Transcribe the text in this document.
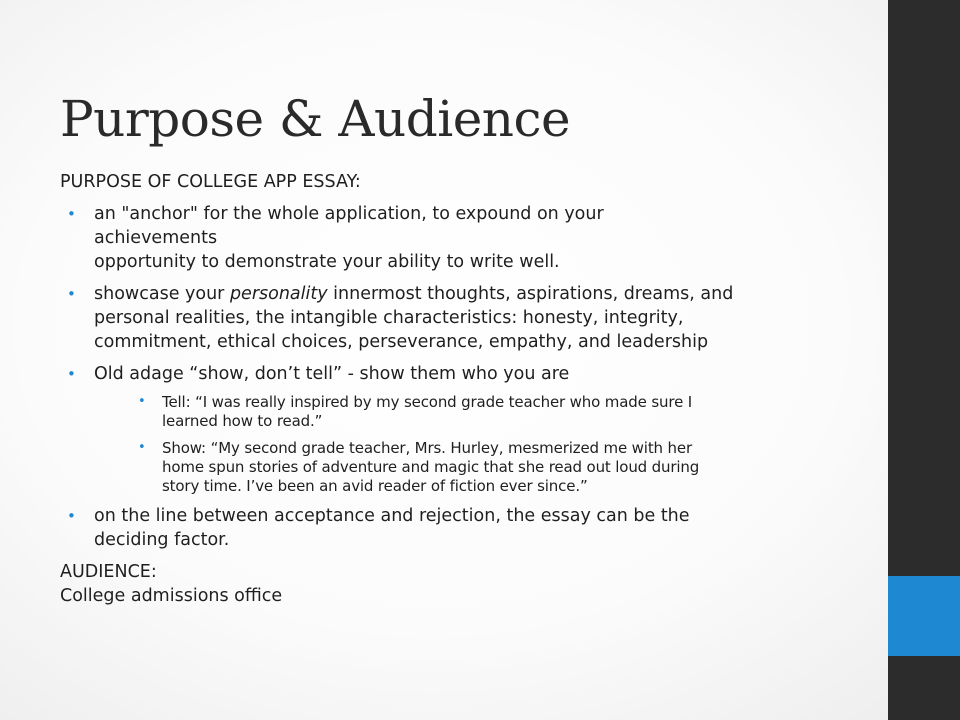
Purpose & Audience

PURPOSE OF COLLEGE APP ESSAY:

• an "anchor" for the whole application, to expound on your
achievements
opportunity to demonstrate your ability to write well.
• showcase your personality innermost thoughts, aspirations, dreams, and
personal realities, the intangible characteristics: honesty, integrity,
commitment, ethical choices, perseverance, empathy, and leadership
• Old adage “show, don’t tell” - show them who you are
• Tell: “I was really inspired by my second grade teacher who made sure I
learned how to read.”
• Show: “My second grade teacher, Mrs. Hurley, mesmerized me with her
home spun stories of adventure and magic that she read out loud during
story time. I’ve been an avid reader of fiction ever since.”
• on the line between acceptance and rejection, the essay can be the
deciding factor.

AUDIENCE:

College admissions office
